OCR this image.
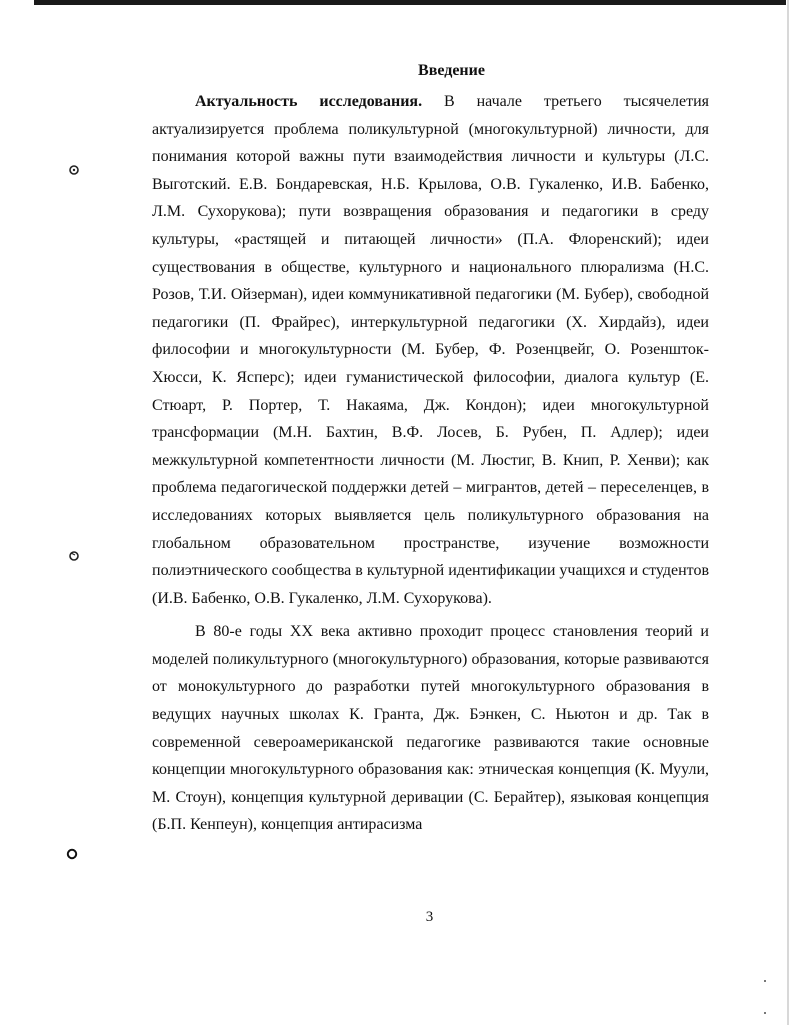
Введение

Актуальность исследования. В начале третьего тысячелетия актуализируется проблема поликультурной (многокультурной) личности, для понимания которой важны пути взаимодействия личности и культуры (Л.С. Выготский. Е.В. Бондаревская, Н.Б. Крылова, О.В. Гукаленко, И.В. Бабенко, Л.М. Сухорукова); пути возвращения образования и педагогики в среду культуры, «растящей и питающей личности» (П.А. Флоренский); идеи существования в обществе, культурного и национального плюрализма (Н.С. Розов, Т.И. Ойзерман), идеи коммуникативной педагогики (М. Бубер), свободной педагогики (П. Фрайрес), интеркультурной педагогики (Х. Хирдайз), идеи философии и многокультурности (М. Бубер, Ф. Розенцвейг, О. Розеншток-Хюсси, К. Ясперс); идеи гуманистической философии, диалога культур (Е. Стюарт, Р. Портер, Т. Накаяма, Дж. Кондон); идеи многокультурной трансформации (М.Н. Бахтин, В.Ф. Лосев, Б. Рубен, П. Адлер); идеи межкультурной компетентности личности (М. Люстиг, В. Книп, Р. Хенви); как проблема педагогической поддержки детей – мигрантов, детей – переселенцев, в исследованиях которых выявляется цель поликультурного образования на глобальном образовательном пространстве, изучение возможности полиэтнического сообщества в культурной идентификации учащихся и студентов (И.В. Бабенко, О.В. Гукаленко, Л.М. Сухорукова).

В 80-е годы XX века активно проходит процесс становления теорий и моделей поликультурного (многокультурного) образования, которые развиваются от монокультурного до разработки путей многокультурного образования в ведущих научных школах К. Гранта, Дж. Бэнкен, С. Ньютон и др. Так в современной североамериканской педагогике развиваются такие основные концепции многокультурного образования как: этническая концепция (К. Муули, М. Стоун), концепция культурной деривации (С. Берайтер), языковая концепция (Б.П. Кенпеун), концепция антирасизма

3
